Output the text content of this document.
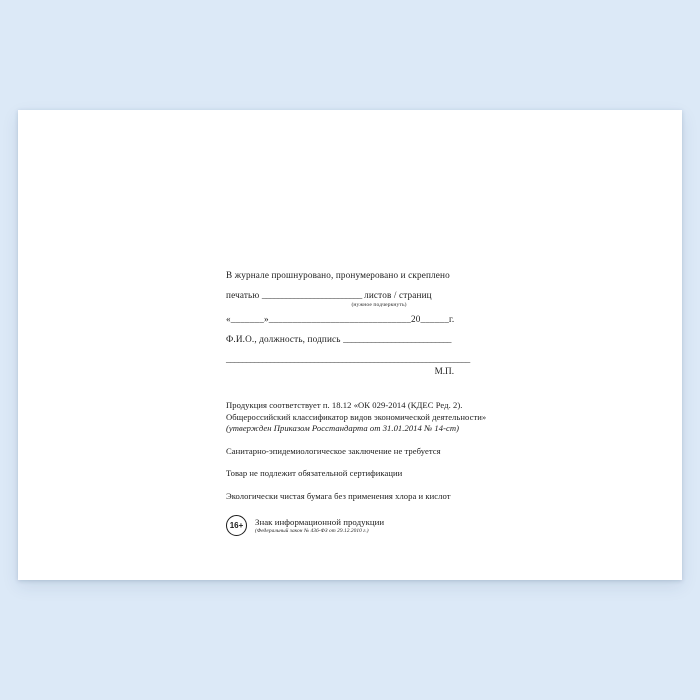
В журнале прошнуровано, пронумеровано и скреплено
печатью _________________________ листов / страниц
(нужное подчеркнуть)
«_______»______________________________20______г.
Ф.И.О., должность, подпись ___________________________
_____________________________________________________________
М.П.
Продукция соответствует п. 18.12 «ОК 029-2014 (КДЕС Ред. 2).
Общероссийский классификатор видов экономической деятельности»
(утвержден Приказом Росстандарта от 31.01.2014 № 14-ст)
Санитарно-эпидемиологическое заключение не требуется
Товар не подлежит обязательной сертификации
Экологически чистая бумага без применения хлора и кислот
16+	Знак информационной продукции
(Федеральный закон № 436-ФЗ от 29.12.2010 г.)
